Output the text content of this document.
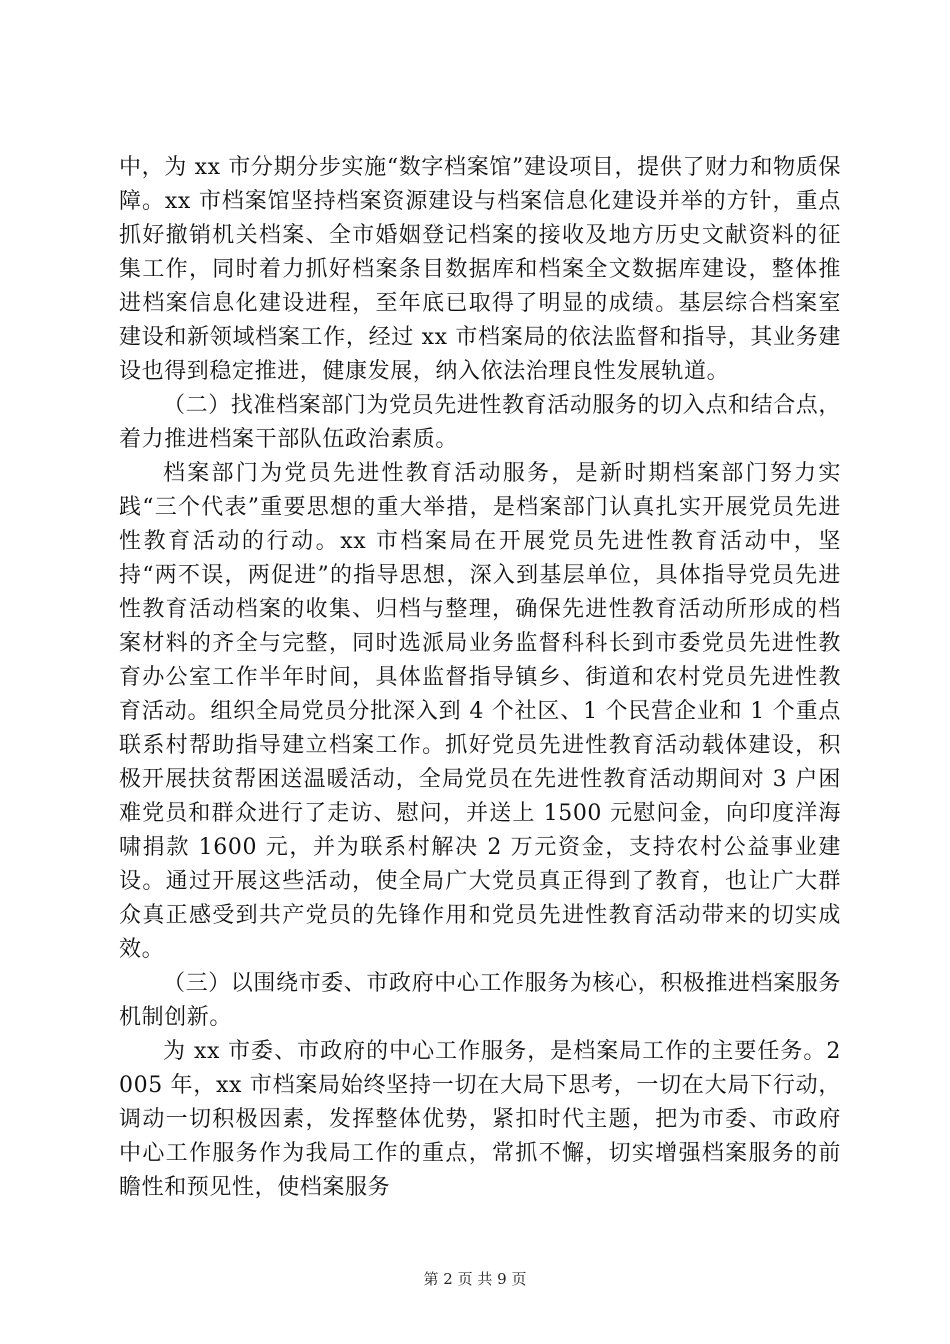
中，为 xx 市分期分步实施“数字档案馆”建设项目，提供了财力和物质保障。xx 市档案馆坚持档案资源建设与档案信息化建设并举的方针，重点抓好撤销机关档案、全市婚姻登记档案的接收及地方历史文献资料的征集工作，同时着力抓好档案条目数据库和档案全文数据库建设，整体推进档案信息化建设进程，至年底已取得了明显的成绩。基层综合档案室建设和新领域档案工作，经过 xx 市档案局的依法监督和指导，其业务建设也得到稳定推进，健康发展，纳入依法治理良性发展轨道。

（二）找准档案部门为党员先进性教育活动服务的切入点和结合点，着力推进档案干部队伍政治素质。

档案部门为党员先进性教育活动服务，是新时期档案部门努力实践“三个代表”重要思想的重大举措，是档案部门认真扎实开展党员先进性教育活动的行动。xx 市档案局在开展党员先进性教育活动中，坚持“两不误，两促进”的指导思想，深入到基层单位，具体指导党员先进性教育活动档案的收集、归档与整理，确保先进性教育活动所形成的档案材料的齐全与完整，同时选派局业务监督科科长到市委党员先进性教育办公室工作半年时间，具体监督指导镇乡、街道和农村党员先进性教育活动。组织全局党员分批深入到 4 个社区、1 个民营企业和 1 个重点联系村帮助指导建立档案工作。抓好党员先进性教育活动载体建设，积极开展扶贫帮困送温暖活动，全局党员在先进性教育活动期间对 3 户困难党员和群众进行了走访、慰问，并送上 1500 元慰问金，向印度洋海啸捐款 1600 元，并为联系村解决 2 万元资金，支持农村公益事业建设。通过开展这些活动，使全局广大党员真正得到了教育，也让广大群众真正感受到共产党员的先锋作用和党员先进性教育活动带来的切实成效。

（三）以围绕市委、市政府中心工作服务为核心，积极推进档案服务机制创新。

为 xx 市委、市政府的中心工作服务，是档案局工作的主要任务。2005 年，xx 市档案局始终坚持一切在大局下思考，一切在大局下行动，调动一切积极因素，发挥整体优势，紧扣时代主题，把为市委、市政府中心工作服务作为我局工作的重点，常抓不懈，切实增强档案服务的前瞻性和预见性，使档案服务

第 2 页 共 9 页
